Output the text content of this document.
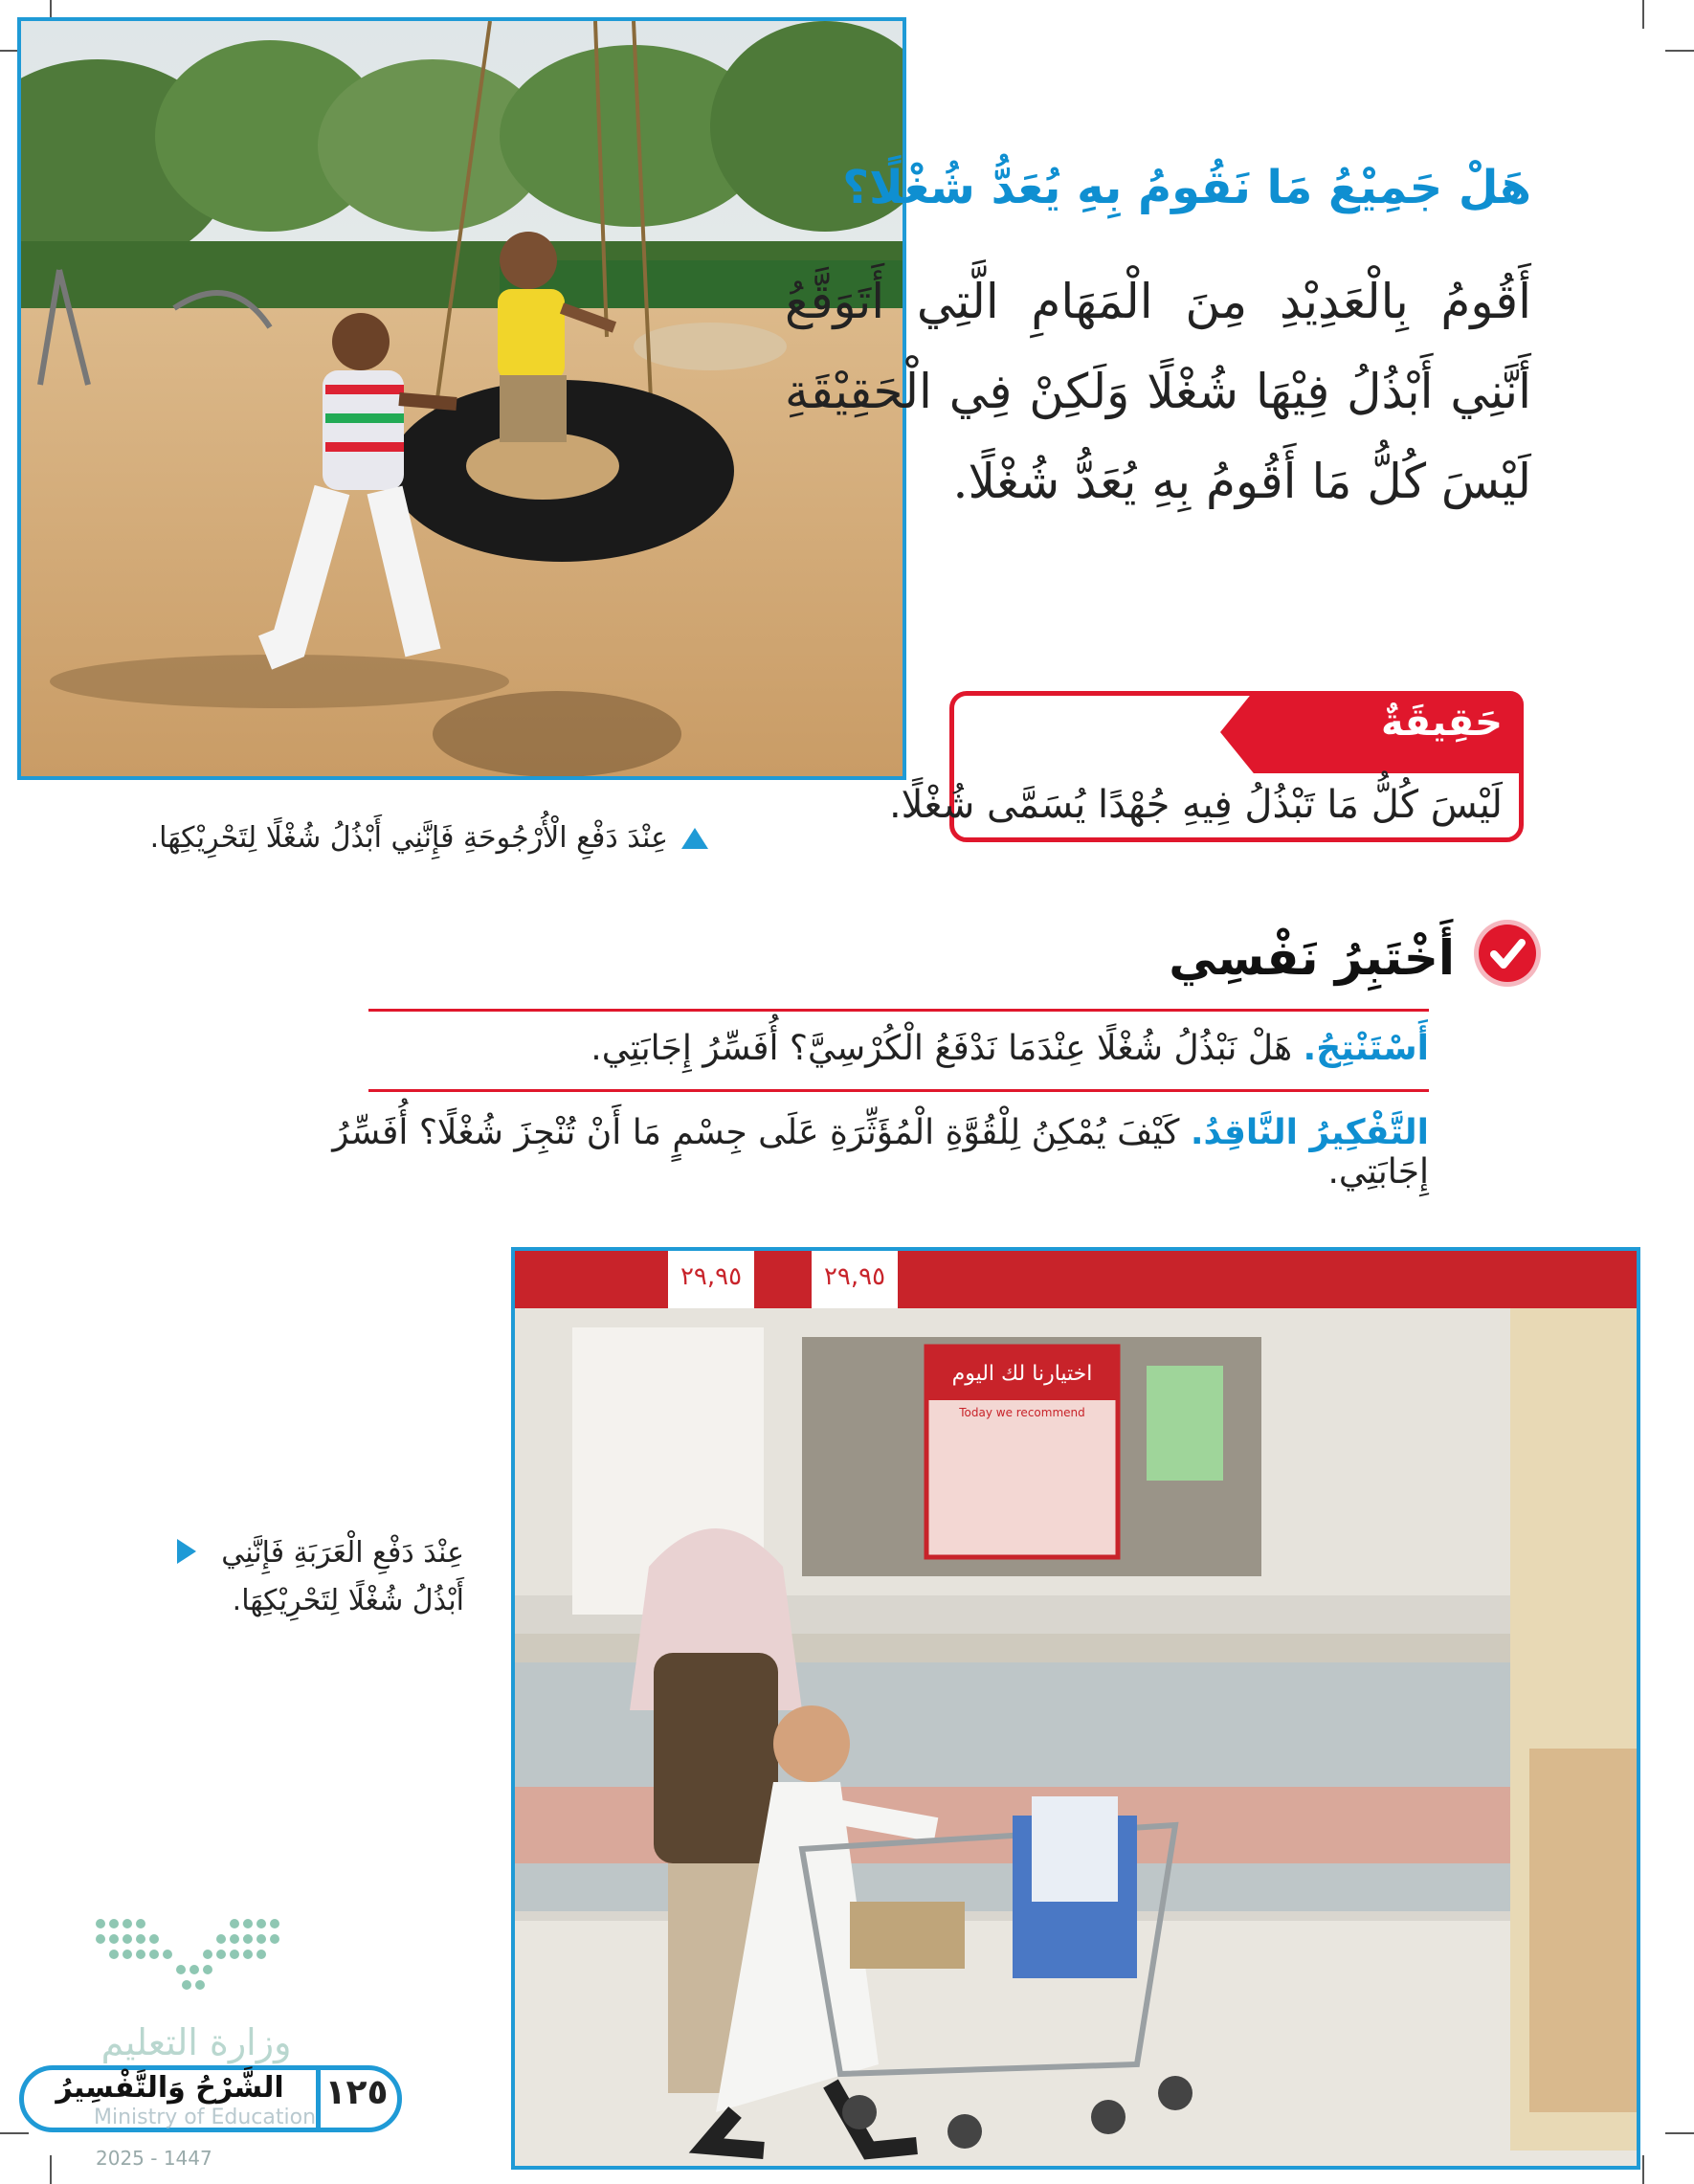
هَلْ جَمِيْعُ مَا نَقُومُ بِهِ يُعَدُّ شُغْلًا؟
أَقُومُ بِالْعَدِيْدِ مِنَ الْمَهَامِ الَّتِي أَتَوَقَّعُ أَنَّنِي أَبْذُلُ فِيْهَا شُغْلًا وَلَكِنْ فِي الْحَقِيْقَةِ لَيْسَ كُلُّ مَا أَقُومُ بِهِ يُعَدُّ شُغْلًا.
حَقِيقَةٌ
لَيْسَ كُلُّ مَا تَبْذُلُ فِيهِ جُهْدًا يُسَمَّى شُغْلًا.
عِنْدَ دَفْعِ الْأُرْجُوحَةِ فَإِنَّنِي أَبْذُلُ شُغْلًا لِتَحْرِيْكِهَا.
أَخْتَبِرُ نَفْسِي
أَسْتَنْتِجُ. هَلْ نَبْذُلُ شُغْلًا عِنْدَمَا نَدْفَعُ الْكُرْسِيَّ؟ أُفَسِّرُ إِجَابَتِي.
التَّفْكِيرُ النَّاقِدُ. كَيْفَ يُمْكِنُ لِلْقُوَّةِ الْمُؤَثِّرَةِ عَلَى جِسْمٍ مَا أَنْ تُنْجِزَ شُغْلًا؟ أُفَسِّرُ إِجَابَتِي.
٢٩,٩٥	٢٩,٩٥
اختيارنا لك اليوم
Today we recommend
عِنْدَ دَفْعِ الْعَرَبَةِ فَإِنَّنِي أَبْذُلُ شُغْلًا لِتَحْرِيْكِهَا.
وزارة التعليم
١٢٥
الشَّرْحُ وَالتَّفْسِيرُ
Ministry of Education
2025 - 1447
